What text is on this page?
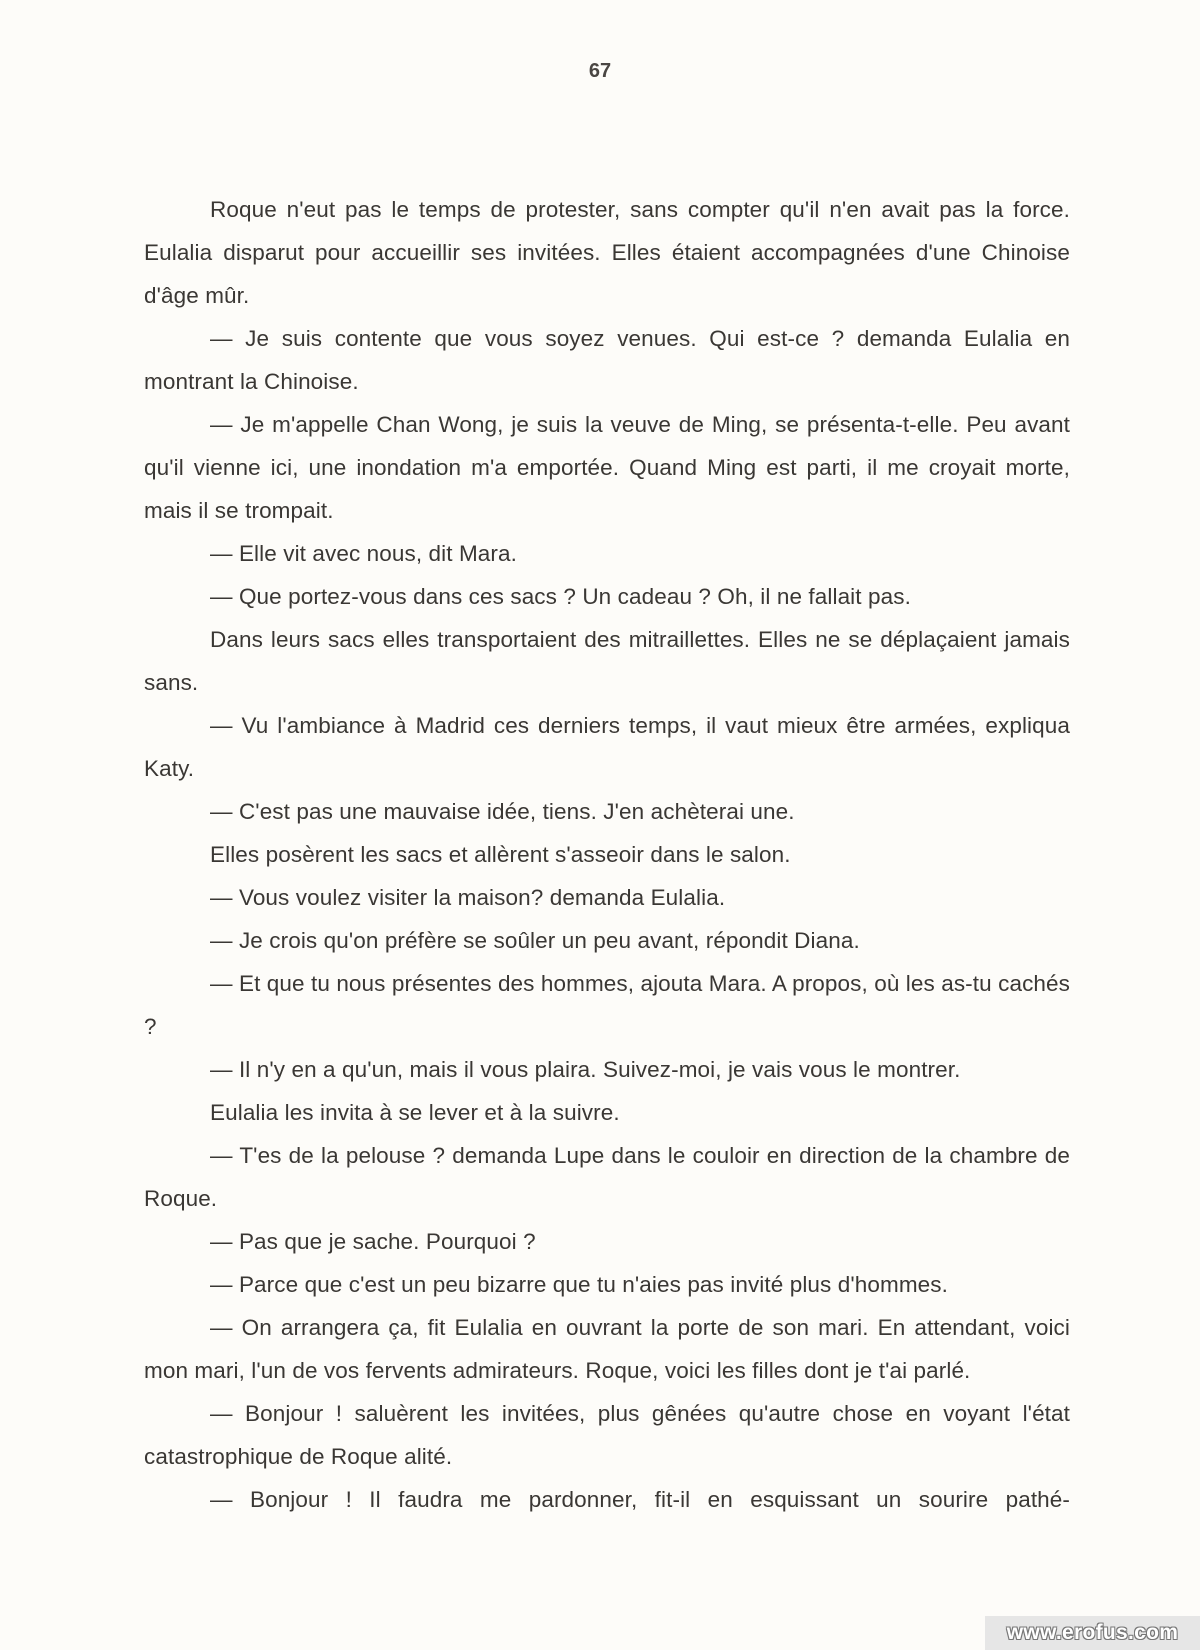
67

Roque n'eut pas le temps de protester, sans compter qu'il n'en avait pas la force. Eulalia disparut pour accueillir ses invitées. Elles étaient accompagnées d'une Chinoise d'âge mûr.

— Je suis contente que vous soyez venues. Qui est-ce ? demanda Eulalia en montrant la Chinoise.

— Je m'appelle Chan Wong, je suis la veuve de Ming, se présenta-t-elle. Peu avant qu'il vienne ici, une inondation m'a emportée. Quand Ming est parti, il me croyait morte, mais il se trompait.

— Elle vit avec nous, dit Mara.

— Que portez-vous dans ces sacs ? Un cadeau ? Oh, il ne fallait pas.

Dans leurs sacs elles transportaient des mitraillettes. Elles ne se déplaçaient jamais sans.

— Vu l'ambiance à Madrid ces derniers temps, il vaut mieux être armées, expliqua Katy.

— C'est pas une mauvaise idée, tiens. J'en achèterai une.

Elles posèrent les sacs et allèrent s'asseoir dans le salon.

— Vous voulez visiter la maison? demanda Eulalia.

— Je crois qu'on préfère se soûler un peu avant, répondit Diana.

— Et que tu nous présentes des hommes, ajouta Mara. A propos, où les as-tu cachés ?

— Il n'y en a qu'un, mais il vous plaira. Suivez-moi, je vais vous le montrer.

Eulalia les invita à se lever et à la suivre.

— T'es de la pelouse ? demanda Lupe dans le couloir en direction de la chambre de Roque.

— Pas que je sache. Pourquoi ?

— Parce que c'est un peu bizarre que tu n'aies pas invité plus d'hommes.

— On arrangera ça, fit Eulalia en ouvrant la porte de son mari. En attendant, voici mon mari, l'un de vos fervents admirateurs. Roque, voici les filles dont je t'ai parlé.

— Bonjour ! saluèrent les invitées, plus gênées qu'autre chose en voyant l'état catastrophique de Roque alité.

— Bonjour ! Il faudra me pardonner, fit-il en esquissant un sourire pathé-

www.erofus.com
